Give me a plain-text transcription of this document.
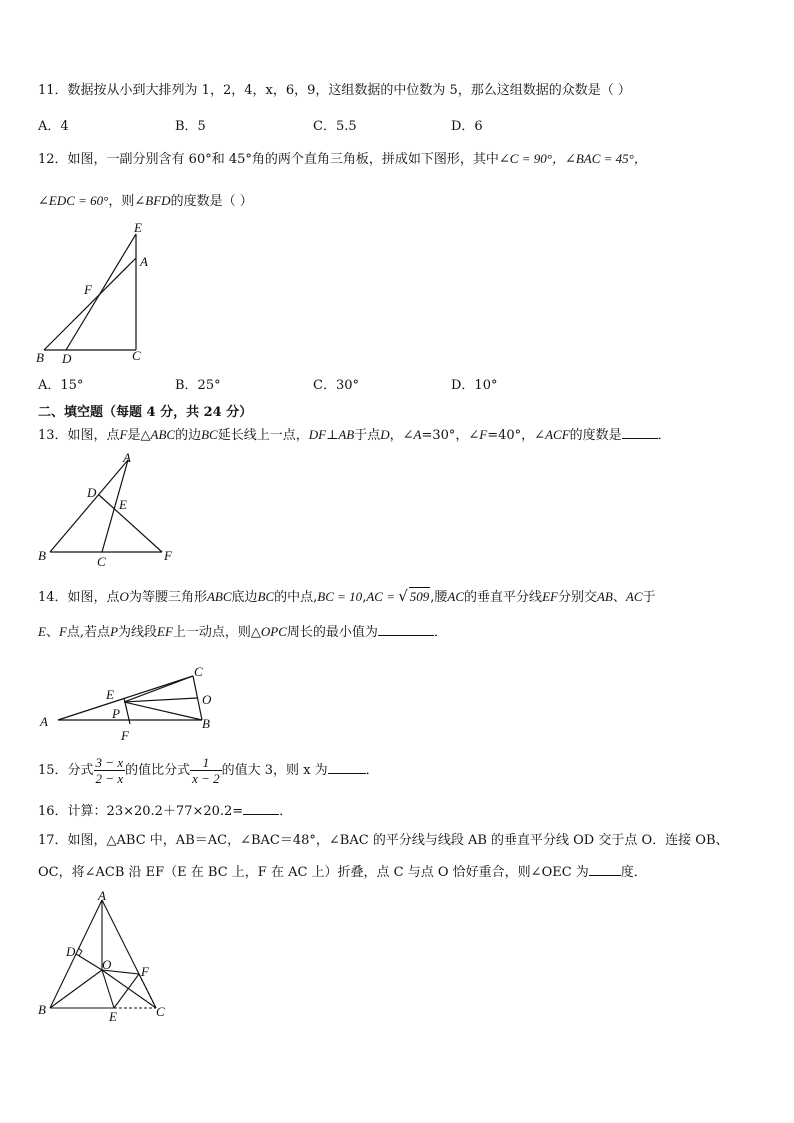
11．数据按从小到大排列为 1，2，4，x，6，9，这组数据的中位数为 5，那么这组数据的众数是（ ）
A．4	B．5	C．5.5	D．6
12．如图，一副分别含有 60°和 45°角的两个直角三角板，拼成如下图形，其中∠C = 90°，∠BAC = 45°，
∠EDC = 60°，则∠BFD的度数是（ ）
E
A
F
B D	C
A．15°	B．25°	C．30°	D．10°
二、填空题（每题 4 分，共 24 分）
13．如图，点F是△ABC的边BC延长线上一点，DF⊥AB于点D，∠A=30°，∠F=40°，∠ACF的度数是	．
A
D
E
B	C	F
14．如图，点O为等腰三角形ABC底边BC的中点,BC = 10,AC = √ 509,腰AC的垂直平分线EF分别交AB、AC于
E、F点,若点P为线段EF上一动点，则△OPC周长的最小值为	．
C
E	O
P
A	B
F
15．分式 $\frac{3 - x}{2 - x}$ 的值比分式 $\frac{1}{x - 2}$ 的值大 3，则 x 为	．
16．计算：23×20.2＋77×20.2=	．
17．如图，△ABC 中，AB＝AC，∠BAC＝48°，∠BAC 的平分线与线段 AB 的垂直平分线 OD 交于点 O．连接 OB、
OC，将∠ACB 沿 EF（E 在 BC 上，F 在 AC 上）折叠，点 C 与点 O 恰好重合，则∠OEC 为 度．
A
D
O F
B	E	C
